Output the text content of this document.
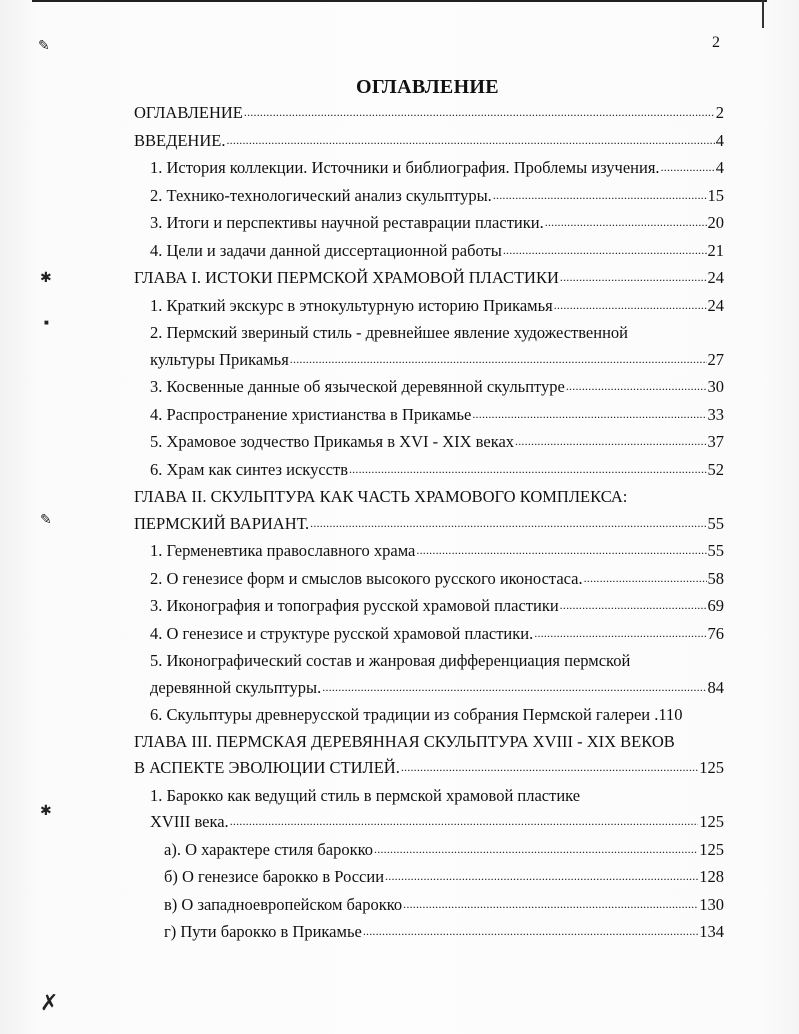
✎
✱
■
✎
✱
✗
2
ОГЛАВЛЕНИЕ
ОГЛАВЛЕНИЕ .....	2
ВВЕДЕНИЕ. .....	4
1. История коллекции. Источники и библиография. Проблемы изучения. .....	4
2. Технико-технологический анализ скульптуры. .....	15
3. Итоги и перспективы научной реставрации пластики. .....	20
4. Цели и задачи данной диссертационной работы .....	21
ГЛАВА I. ИСТОКИ ПЕРМСКОЙ ХРАМОВОЙ ПЛАСТИКИ .....	24
1. Краткий экскурс в этнокультурную историю Прикамья .....	24
2. Пермский звериный стиль - древнейшее явление художественной
культуры Прикамья .....	27
3. Косвенные данные об языческой деревянной скульптуре .....	30
4. Распространение христианства в Прикамье .....	33
5. Храмовое зодчество Прикамья в XVI - XIX веках .....	37
6. Храм как синтез искусств .....	52
ГЛАВА II. СКУЛЬПТУРА КАК ЧАСТЬ ХРАМОВОГО КОМПЛЕКСА:
ПЕРМСКИЙ ВАРИАНТ. .....	55
1. Герменевтика православного храма .....	55
2. О генезисе форм и смыслов высокого русского иконостаса. .....	58
3. Иконография и топография русской храмовой пластики .....	69
4. О генезисе и структуре русской храмовой пластики. .....	76
5. Иконографический состав и жанровая дифференциация пермской
деревянной скульптуры. .....	84
6. Скульптуры древнерусской традиции из собрания Пермской галереи . 110
ГЛАВА III. ПЕРМСКАЯ ДЕРЕВЯННАЯ СКУЛЬПТУРА XVIII - XIX ВЕКОВ
В АСПЕКТЕ ЭВОЛЮЦИИ СТИЛЕЙ. .....	125
1. Барокко как ведущий стиль в пермской храмовой пластике
XVIII века. .....	125
а). О характере стиля барокко .....	125
б) О генезисе барокко в России .....	128
в) О западноевропейском барокко .....	130
г) Пути барокко в Прикамье .....	134
